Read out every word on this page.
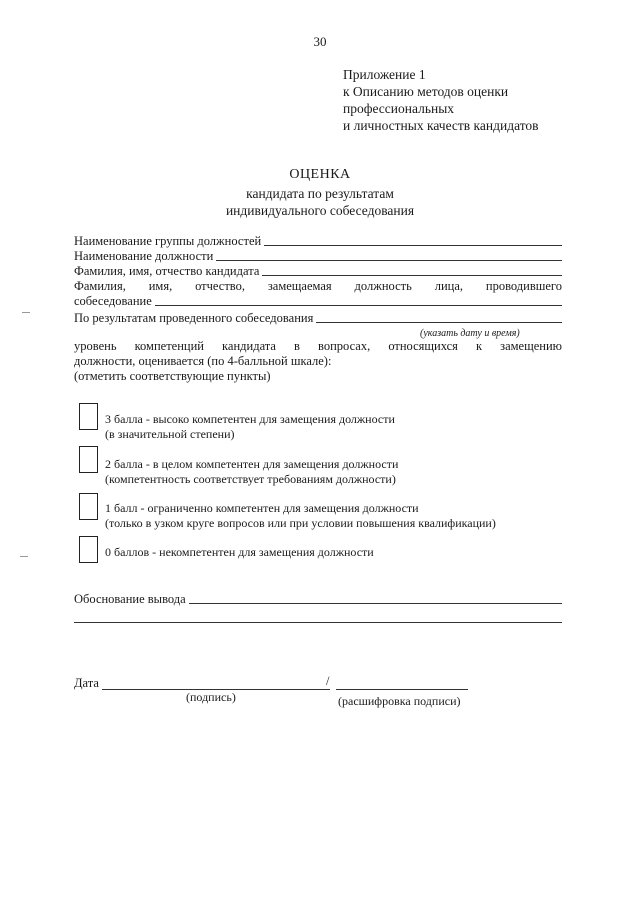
30
Приложение 1
к Описанию методов оценки
профессиональных
и личностных качеств кандидатов
ОЦЕНКА
кандидата по результатам
индивидуального собеседования
Наименование группы должностей
Наименование должности
Фамилия, имя, отчество кандидата
Фамилия, имя, отчество, замещаемая должность лица, проводившего
собеседование
По результатам проведенного собеседования
(указать дату и время)
уровень компетенций кандидата в вопросах, относящихся к замещению
должности, оценивается (по 4-балльной шкале):
(отметить соответствующие пункты)
3 балла - высоко компетентен для замещения должности
(в значительной степени)
2 балла - в целом компетентен для замещения должности
(компетентность соответствует требованиям должности)
1 балл - ограниченно компетентен для замещения должности
(только в узком круге вопросов или при условии повышения квалификации)
0 баллов - некомпетентен для замещения должности
Обоснование вывода
Дата	/
(подпись)	(расшифровка подписи)
